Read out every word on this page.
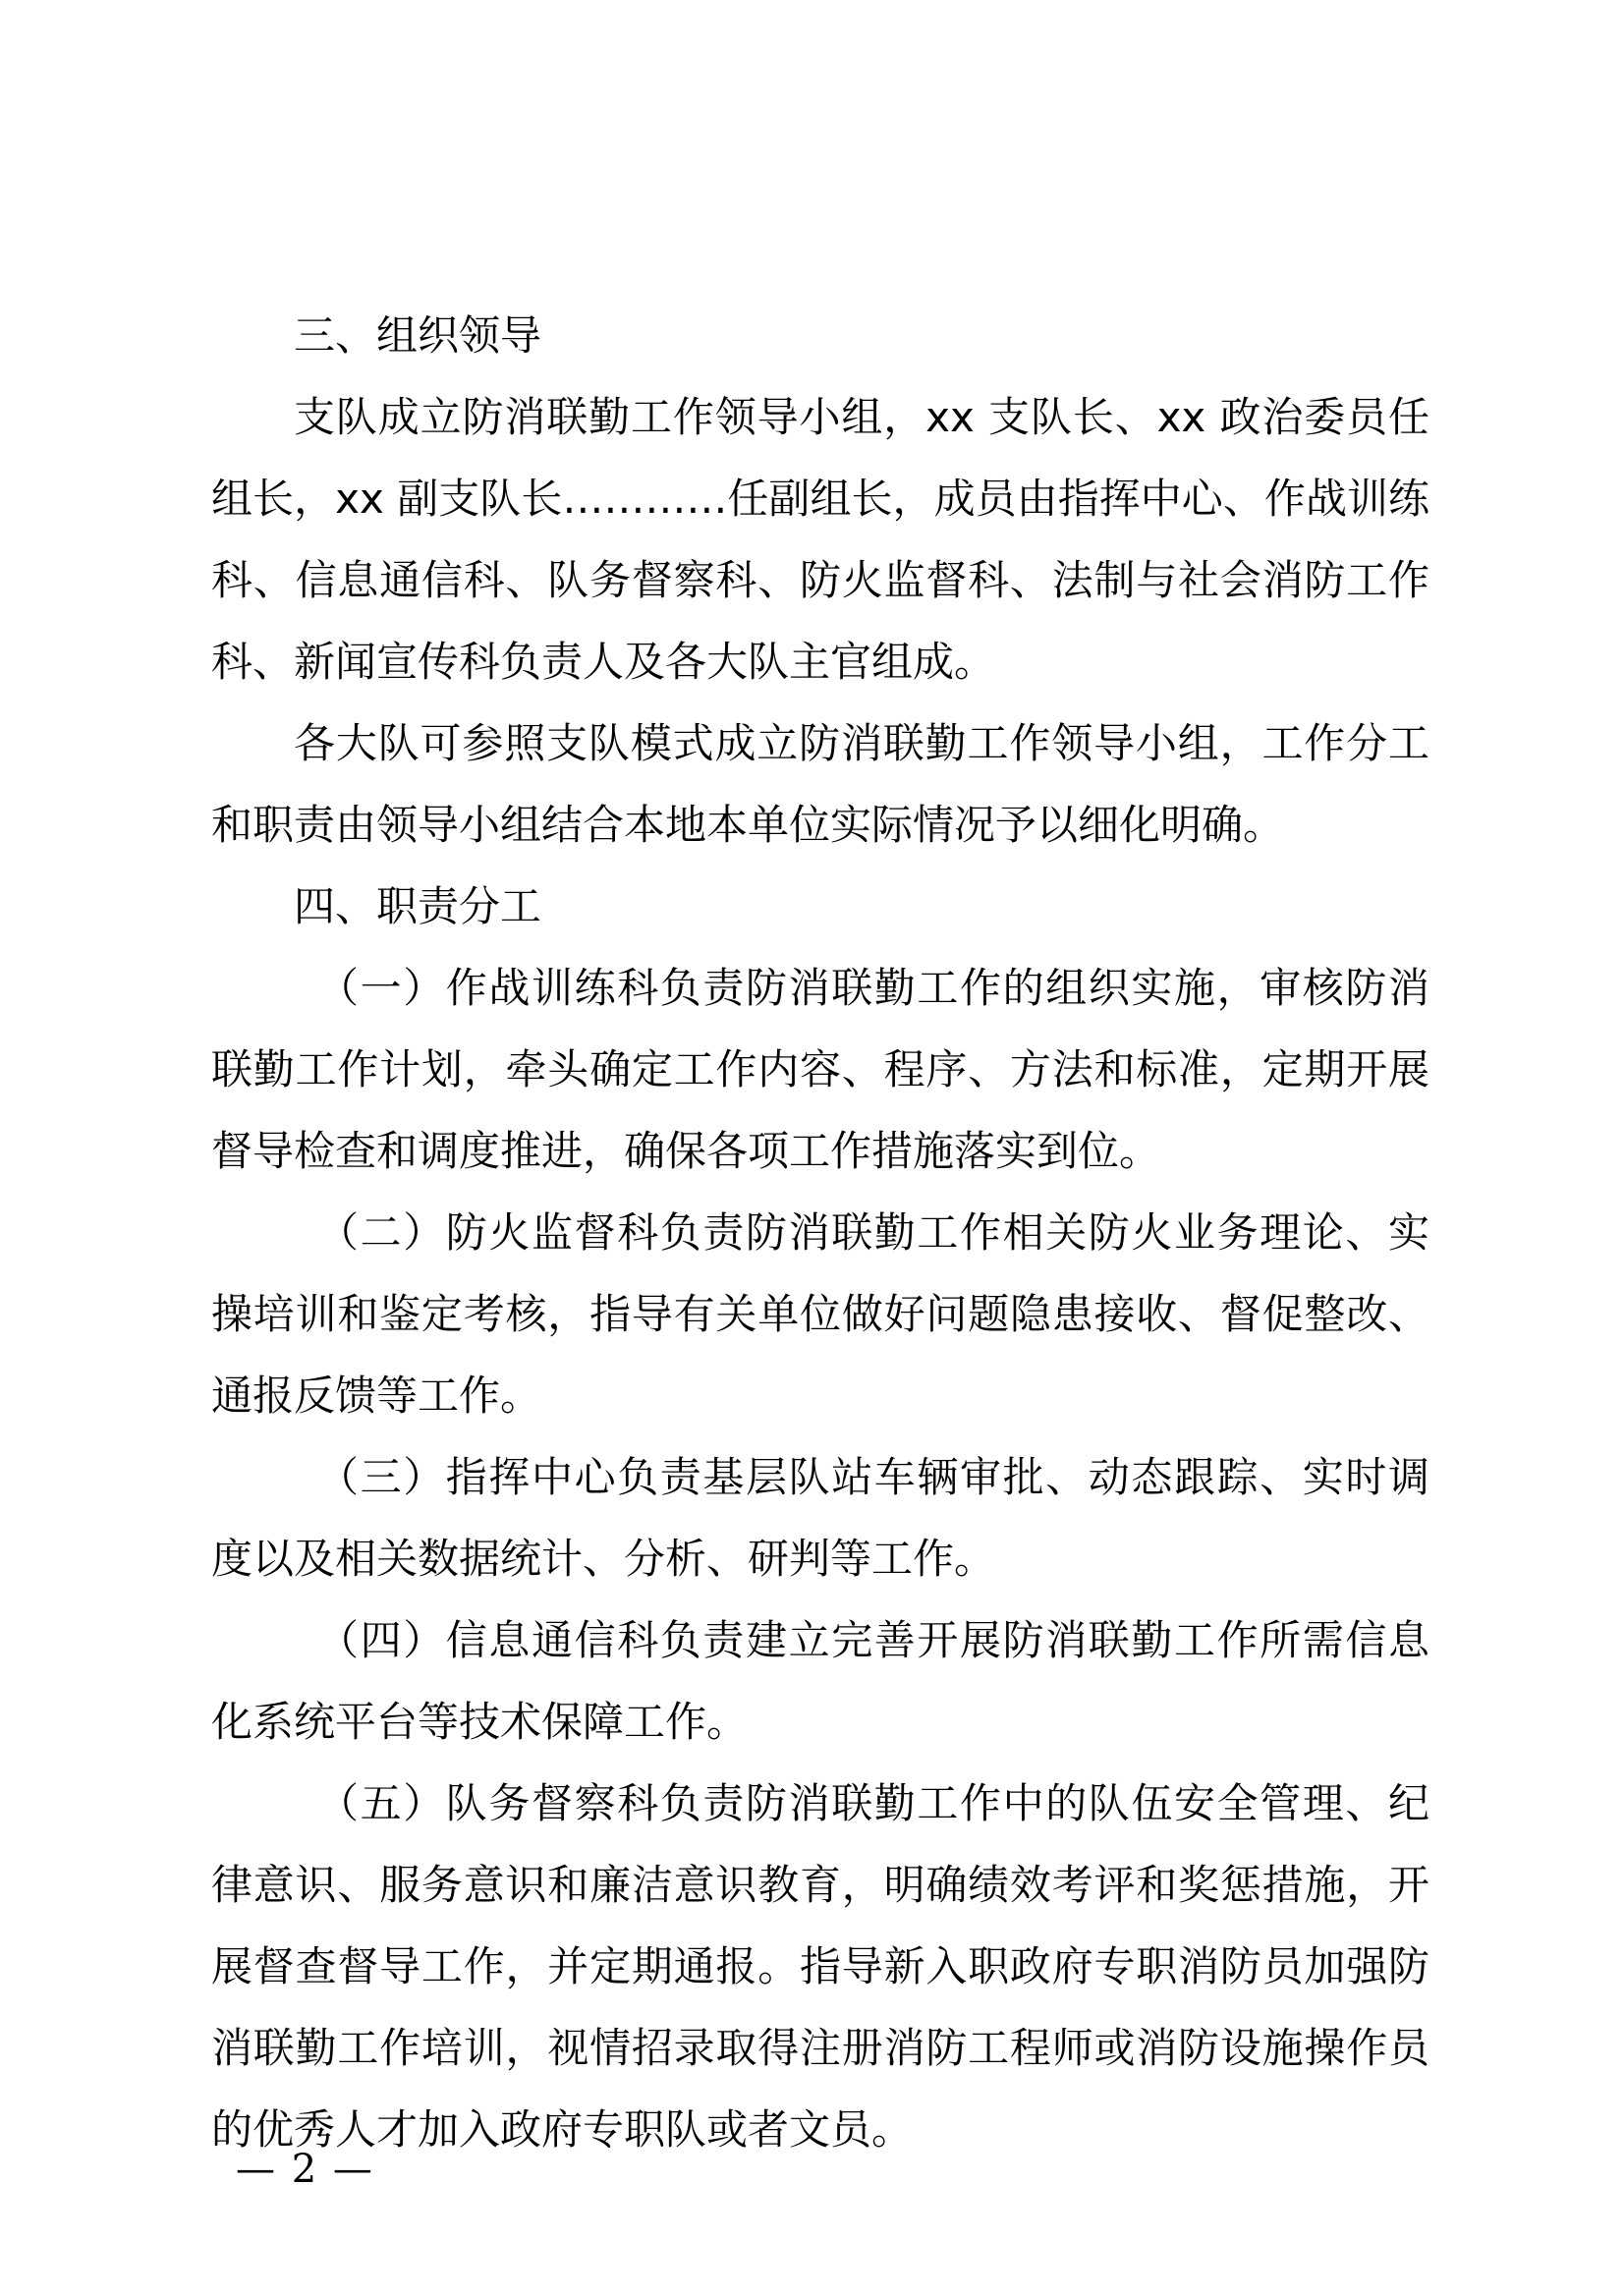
三、组织领导

支队成立防消联勤工作领导小组，xx 支队长、xx 政治委员任组长，xx 副支队长…………任副组长，成员由指挥中心、作战训练科、信息通信科、队务督察科、防火监督科、法制与社会消防工作科、新闻宣传科负责人及各大队主官组成。

各大队可参照支队模式成立防消联勤工作领导小组，工作分工和职责由领导小组结合本地本单位实际情况予以细化明确。

四、职责分工

（一）作战训练科负责防消联勤工作的组织实施，审核防消联勤工作计划，牵头确定工作内容、程序、方法和标准，定期开展督导检查和调度推进，确保各项工作措施落实到位。

（二）防火监督科负责防消联勤工作相关防火业务理论、实操培训和鉴定考核，指导有关单位做好问题隐患接收、督促整改、通报反馈等工作。

（三）指挥中心负责基层队站车辆审批、动态跟踪、实时调度以及相关数据统计、分析、研判等工作。

（四）信息通信科负责建立完善开展防消联勤工作所需信息化系统平台等技术保障工作。

（五）队务督察科负责防消联勤工作中的队伍安全管理、纪律意识、服务意识和廉洁意识教育，明确绩效考评和奖惩措施，开展督查督导工作，并定期通报。指导新入职政府专职消防员加强防消联勤工作培训，视情招录取得注册消防工程师或消防设施操作员的优秀人才加入政府专职队或者文员。

— 2 —
